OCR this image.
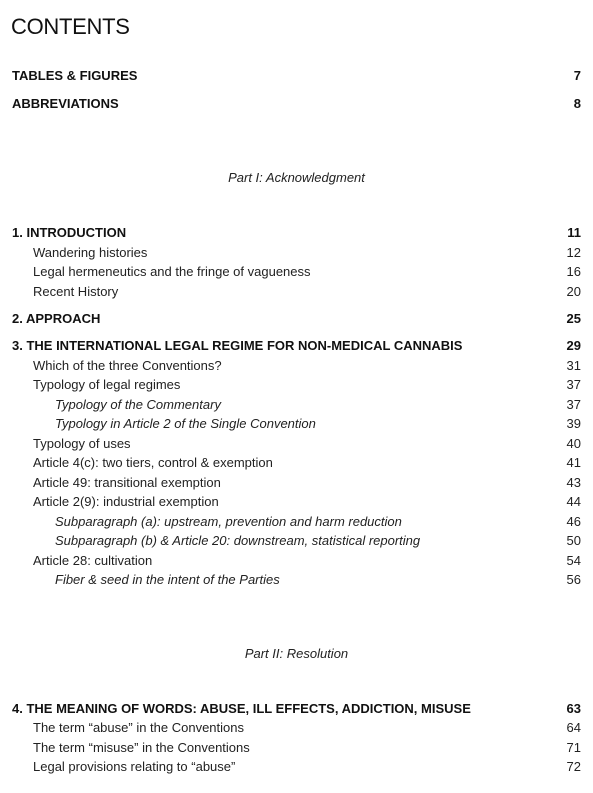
CONTENTS
TABLES & FIGURES	7
ABBREVIATIONS	8
Part I: Acknowledgment
1. INTRODUCTION	11
Wandering histories	12
Legal hermeneutics and the fringe of vagueness	16
Recent History	20
2. APPROACH	25
3. THE INTERNATIONAL LEGAL REGIME FOR NON-MEDICAL CANNABIS	29
Which of the three Conventions?	31
Typology of legal regimes	37
Typology of the Commentary	37
Typology in Article 2 of the Single Convention	39
Typology of uses	40
Article 4(c): two tiers, control & exemption	41
Article 49: transitional exemption	43
Article 2(9): industrial exemption	44
Subparagraph (a): upstream, prevention and harm reduction	46
Subparagraph (b) & Article 20: downstream, statistical reporting	50
Article 28: cultivation	54
Fiber & seed in the intent of the Parties	56
Part II: Resolution
4. THE MEANING OF WORDS: ABUSE, ILL EFFECTS, ADDICTION, MISUSE	63
The term “abuse” in the Conventions	64
The term “misuse” in the Conventions	71
Legal provisions relating to “abuse”	72
